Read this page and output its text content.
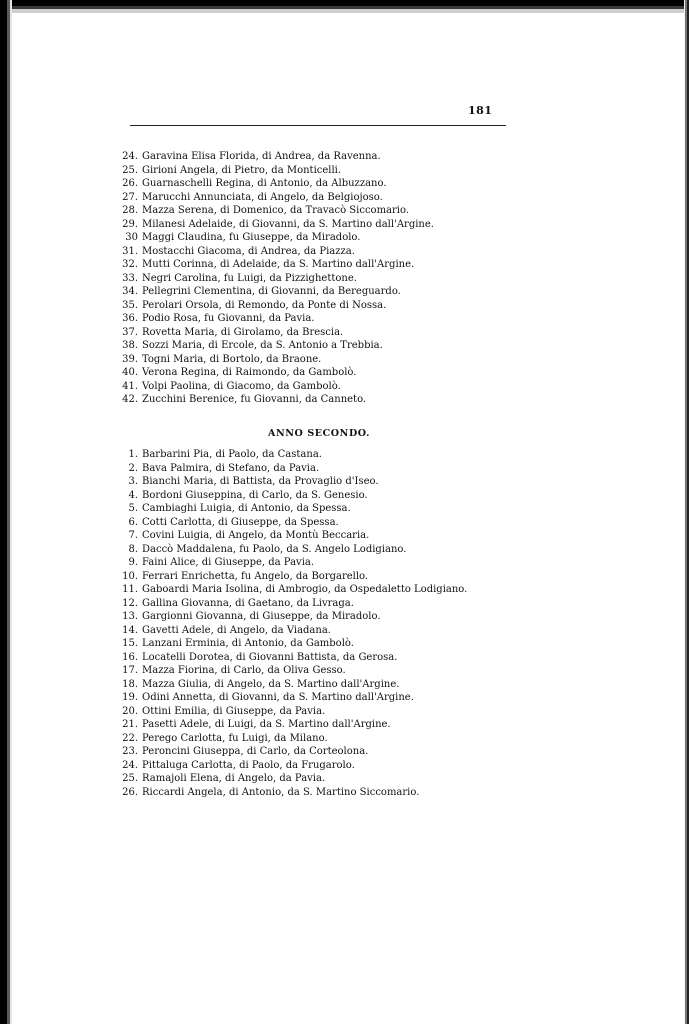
181
24. Garavina Elisa Florida, di Andrea, da Ravenna.
25. Girioni Angela, di Pietro, da Monticelli.
26. Guarnaschelli Regina, di Antonio, da Albuzzano.
27. Marucchi Annunciata, di Angelo, da Belgiojoso.
28. Mazza Serena, di Domenico, da Travacò Siccomario.
29. Milanesi Adelaide, di Giovanni, da S. Martino dall'Argine.
30 Maggi Claudina, fu Giuseppe, da Miradolo.
31. Mostacchi Giacoma, di Andrea, da Piazza.
32. Mutti Corinna, di Adelaide, da S. Martino dall'Argine.
33. Negri Carolina, fu Luigi, da Pizzighettone.
34. Pellegrini Clementina, di Giovanni, da Bereguardo.
35. Perolari Orsola, di Remondo, da Ponte di Nossa.
36. Podio Rosa, fu Giovanni, da Pavia.
37. Rovetta Maria, di Girolamo, da Brescia.
38. Sozzi Maria, di Ercole, da S. Antonio a Trebbia.
39. Togni Maria, di Bortolo, da Braone.
40. Verona Regina, di Raimondo, da Gambolò.
41. Volpi Paolina, di Giacomo, da Gambolò.
42. Zucchini Berenice, fu Giovanni, da Canneto.
ANNO SECONDO.
1. Barbarini Pia, di Paolo, da Castana.
2. Bava Palmira, di Stefano, da Pavia.
3. Bianchi Maria, di Battista, da Provaglio d'Iseo.
4. Bordoni Giuseppina, di Carlo, da S. Genesio.
5. Cambiaghi Luigia, di Antonio, da Spessa.
6. Cotti Carlotta, di Giuseppe, da Spessa.
7. Covini Luigia, di Angelo, da Montù Beccaria.
8. Daccò Maddalena, fu Paolo, da S. Angelo Lodigiano.
9. Faini Alice, di Giuseppe, da Pavia.
10. Ferrari Enrichetta, fu Angelo, da Borgarello.
11. Gaboardi Maria Isolina, di Ambrogio, da Ospedaletto Lodigiano.
12. Gallina Giovanna, di Gaetano, da Livraga.
13. Gargionni Giovanna, di Giuseppe, da Miradolo.
14. Gavetti Adele, di Angelo, da Viadana.
15. Lanzani Erminia, di Antonio, da Gambolò.
16. Locatelli Dorotea, di Giovanni Battista, da Gerosa.
17. Mazza Fiorina, di Carlo, da Oliva Gesso.
18. Mazza Giulia, di Angelo, da S. Martino dall'Argine.
19. Odini Annetta, di Giovanni, da S. Martino dall'Argine.
20. Ottini Emilia, di Giuseppe, da Pavia.
21. Pasetti Adele, di Luigi, da S. Martino dall'Argine.
22. Perego Carlotta, fu Luigi, da Milano.
23. Peroncini Giuseppa, di Carlo, da Corteolona.
24. Pittaluga Carlotta, di Paolo, da Frugarolo.
25. Ramajoli Elena, di Angelo, da Pavia.
26. Riccardi Angela, di Antonio, da S. Martino Siccomario.
